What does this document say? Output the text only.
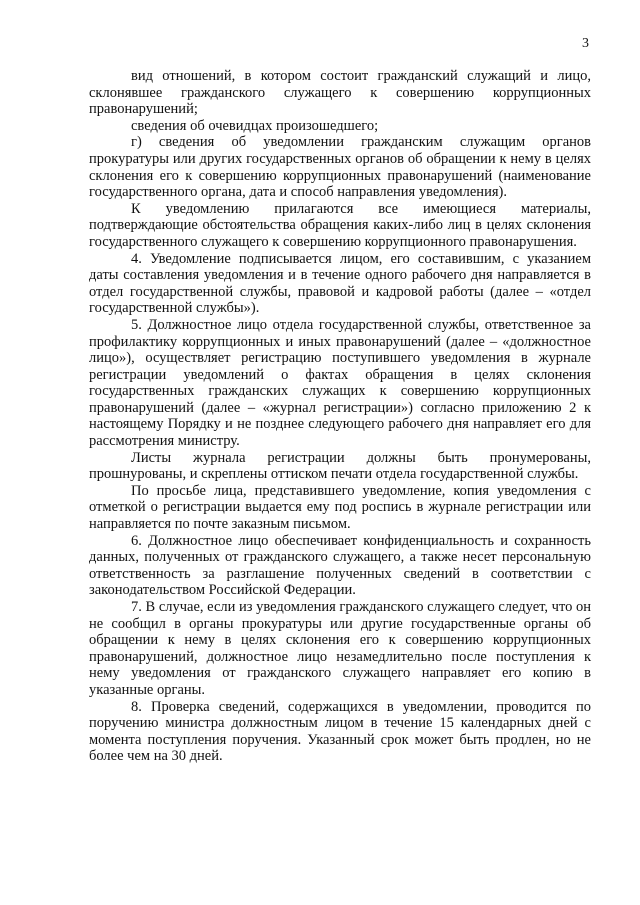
3

вид отношений, в котором состоит гражданский служащий и лицо, склонявшее гражданского служащего к совершению коррупционных правонарушений;

сведения об очевидцах произошедшего;

г) сведения об уведомлении гражданским служащим органов прокуратуры или других государственных органов об обращении к нему в целях склонения его к совершению коррупционных правонарушений (наименование государственного органа, дата и способ направления уведомления).

К уведомлению прилагаются все имеющиеся материалы, подтверждающие обстоятельства обращения каких-либо лиц в целях склонения государственного служащего к совершению коррупционного правонарушения.

4. Уведомление подписывается лицом, его составившим, с указанием даты составления уведомления и в течение одного рабочего дня направляется в отдел государственной службы, правовой и кадровой работы (далее – «отдел государственной службы»).

5. Должностное лицо отдела государственной службы, ответственное за профилактику коррупционных и иных правонарушений (далее – «должностное лицо»), осуществляет регистрацию поступившего уведомления в журнале регистрации уведомлений о фактах обращения в целях склонения государственных гражданских служащих к совершению коррупционных правонарушений (далее – «журнал регистрации») согласно приложению 2 к настоящему Порядку и не позднее следующего рабочего дня направляет его для рассмотрения министру.

Листы журнала регистрации должны быть пронумерованы, прошнурованы, и скреплены оттиском печати отдела государственной службы.

По просьбе лица, представившего уведомление, копия уведомления с отметкой о регистрации выдается ему под роспись в журнале регистрации или направляется по почте заказным письмом.

6. Должностное лицо обеспечивает конфиденциальность и сохранность данных, полученных от гражданского служащего, а также несет персональную ответственность за разглашение полученных сведений в соответствии с законодательством Российской Федерации.

7. В случае, если из уведомления гражданского служащего следует, что он не сообщил в органы прокуратуры или другие государственные органы об обращении к нему в целях склонения его к совершению коррупционных правонарушений, должностное лицо незамедлительно после поступления к нему уведомления от гражданского служащего направляет его копию в указанные органы.

8. Проверка сведений, содержащихся в уведомлении, проводится по поручению министра должностным лицом в течение 15 календарных дней с момента поступления поручения. Указанный срок может быть продлен, но не более чем на 30 дней.
